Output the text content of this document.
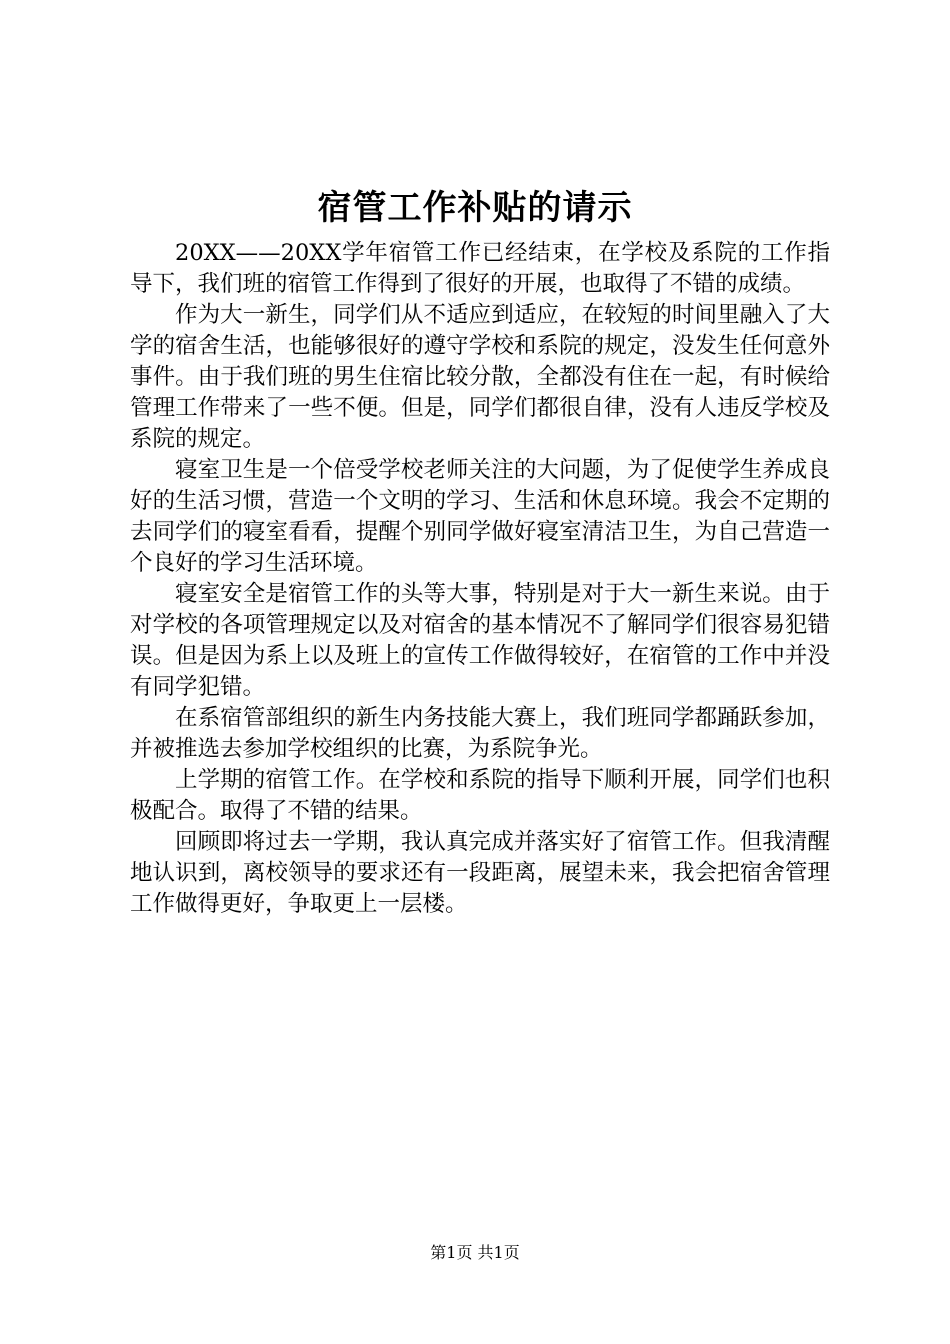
宿管工作补贴的请示

20XX——20XX学年宿管工作已经结束，在学校及系院的工作指导下，我们班的宿管工作得到了很好的开展，也取得了不错的成绩。

作为大一新生，同学们从不适应到适应，在较短的时间里融入了大学的宿舍生活，也能够很好的遵守学校和系院的规定，没发生任何意外事件。由于我们班的男生住宿比较分散，全都没有住在一起，有时候给管理工作带来了一些不便。但是，同学们都很自律，没有人违反学校及系院的规定。

寝室卫生是一个倍受学校老师关注的大问题，为了促使学生养成良好的生活习惯，营造一个文明的学习、生活和休息环境。我会不定期的去同学们的寝室看看，提醒个别同学做好寝室清洁卫生，为自己营造一个良好的学习生活环境。

寝室安全是宿管工作的头等大事，特别是对于大一新生来说。由于对学校的各项管理规定以及对宿舍的基本情况不了解同学们很容易犯错误。但是因为系上以及班上的宣传工作做得较好，在宿管的工作中并没有同学犯错。

在系宿管部组织的新生内务技能大赛上，我们班同学都踊跃参加，并被推选去参加学校组织的比赛，为系院争光。

上学期的宿管工作。在学校和系院的指导下顺利开展，同学们也积极配合。取得了不错的结果。

回顾即将过去一学期，我认真完成并落实好了宿管工作。但我清醒地认识到，离校领导的要求还有一段距离，展望未来，我会把宿舍管理工作做得更好，争取更上一层楼。

第1页 共1页
